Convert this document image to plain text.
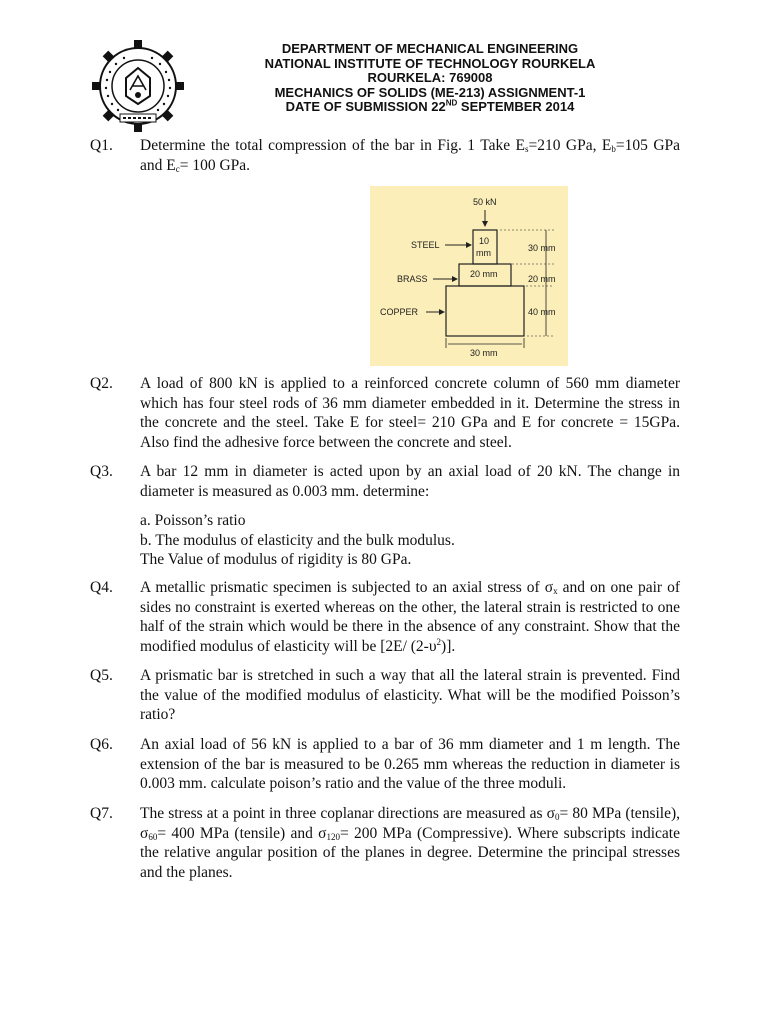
DEPARTMENT OF MECHANICAL ENGINEERING
NATIONAL INSTITUTE OF TECHNOLOGY ROURKELA
ROURKELA: 769008
MECHANICS OF SOLIDS (ME-213) ASSIGNMENT-1
DATE OF SUBMISSION 22ND SEPTEMBER 2014
Q1. Determine the total compression of the bar in Fig. 1 Take $E_s=210$ GPa, $E_b=105$ GPa and $E_c= 100$ GPa.
50 kN
10
mm
20 mm
STEEL
BRASS
COPPER
30 mm
20 mm
40 mm
30 mm
Q2. A load of 800 kN is applied to a reinforced concrete column of 560 mm diameter which has four steel rods of 36 mm diameter embedded in it. Determine the stress in the concrete and the steel. Take E for steel= 210 GPa and E for concrete = 15GPa. Also find the adhesive force between the concrete and steel.
Q3. A bar 12 mm in diameter is acted upon by an axial load of 20 kN. The change in diameter is measured as 0.003 mm. determine:

a. Poisson’s ratio

b. The modulus of elasticity and the bulk modulus.

The Value of modulus of rigidity is 80 GPa.

Q4. A metallic prismatic specimen is subjected to an axial stress of $\sigma_x$ and on one pair of sides no constraint is exerted whereas on the other, the lateral strain is restricted to one half of the strain which would be there in the absence of any constraint. Show that the modified modulus of elasticity will be [2E/ $(2-\upsilon^2)$].
Q5. A prismatic bar is stretched in such a way that all the lateral strain is prevented. Find the value of the modified modulus of elasticity. What will be the modified Poisson’s ratio?
Q6. An axial load of 56 kN is applied to a bar of 36 mm diameter and 1 m length. The extension of the bar is measured to be 0.265 mm whereas the reduction in diameter is 0.003 mm. calculate poison’s ratio and the value of the three moduli.
Q7. The stress at a point in three coplanar directions are measured as $\sigma_0= 80$ MPa (tensile), $\sigma_{60}= 400$ MPa (tensile) and $\sigma_{120}= 200$ MPa (Compressive). Where subscripts indicate the relative angular position of the planes in degree. Determine the principal stresses and the planes.
